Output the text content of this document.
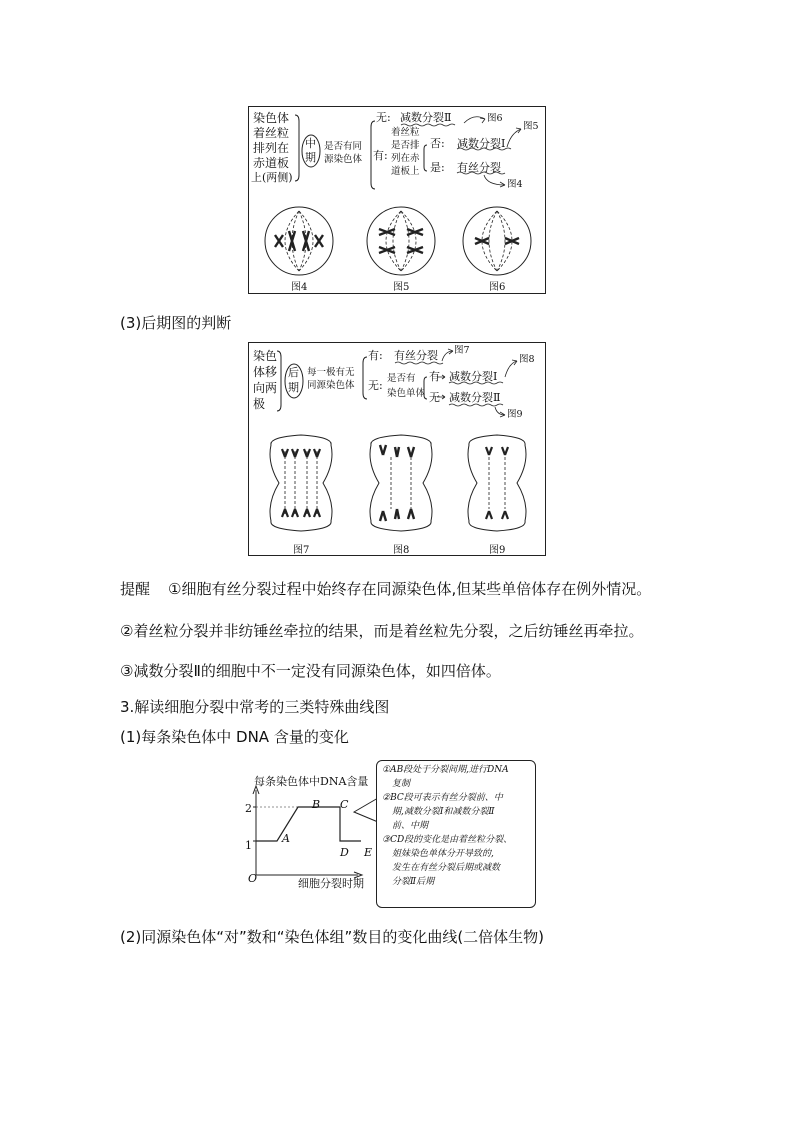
染色体
着丝粒
排列在
赤道板
上(两侧)
中
期
是否有同
源染色体
无: 减数分裂Ⅱ	图6
图5
着丝粒
有:
是否排
列在赤
道板上
否: 减数分裂Ⅰ
是: 有丝分裂
图4
图4	图5	图6
(3)后期图的判断
染色
体移
向两
极
后
期
每一极有无
同源染色体
有: 有丝分裂 图7
图8
无:
是否有
染色单体
有 减数分裂Ⅰ
无 减数分裂Ⅱ
图9
图7	图8	图9
提醒 ①细胞有丝分裂过程中始终存在同源染色体,但某些单倍体存在例外情况。
②着丝粒分裂并非纺锤丝牵拉的结果，而是着丝粒先分裂，之后纺锤丝再牵拉。
③减数分裂Ⅱ的细胞中不一定没有同源染色体，如四倍体。
3.解读细胞分裂中常考的三类特殊曲线图
(1)每条染色体中 DNA 含量的变化
每条染色体中DNA含量
O	细胞分裂时期
2
1
A
B C
D E
①AB段处于分裂间期,进行DNA
复制
②BC段可表示有丝分裂前、中
期,减数分裂Ⅰ和减数分裂Ⅱ
前、中期
③CD段的变化是由着丝粒分裂、
姐妹染色单体分开导致的,
发生在有丝分裂后期或减数
分裂Ⅱ后期
(2)同源染色体“对”数和“染色体组”数目的变化曲线(二倍体生物)
